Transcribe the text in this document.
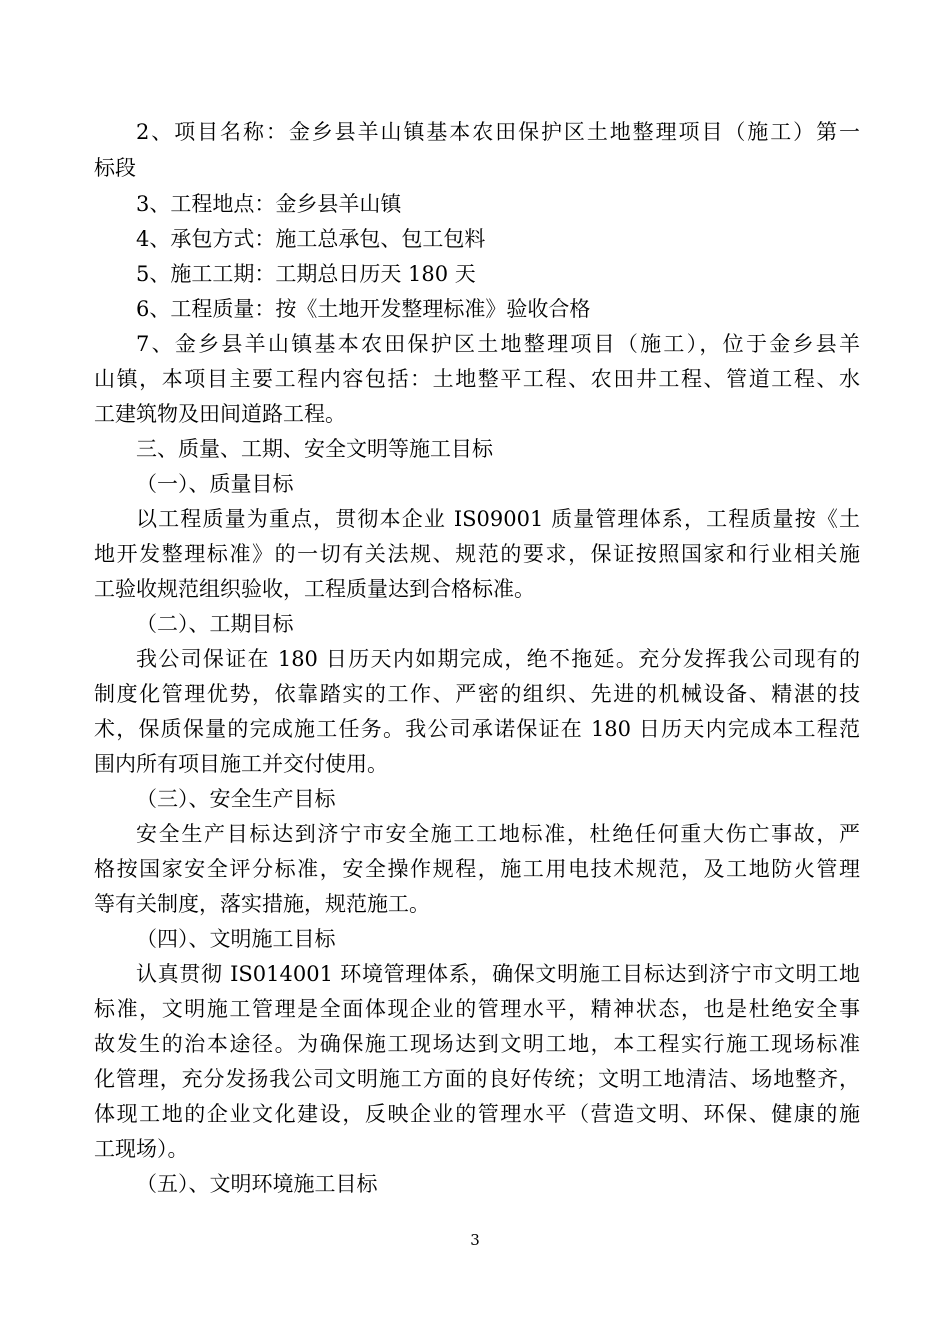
2、项目名称：金乡县羊山镇基本农田保护区土地整理项目（施工）第一
标段
3、工程地点：金乡县羊山镇
4、承包方式：施工总承包、包工包料
5、施工工期：工期总日历天 180 天
6、工程质量：按《土地开发整理标准》验收合格
7、金乡县羊山镇基本农田保护区土地整理项目（施工），位于金乡县羊
山镇，本项目主要工程内容包括：土地整平工程、农田井工程、管道工程、水
工建筑物及田间道路工程。
三、质量、工期、安全文明等施工目标
（一）、质量目标
以工程质量为重点，贯彻本企业 IS09001 质量管理体系，工程质量按《土
地开发整理标准》的一切有关法规、规范的要求，保证按照国家和行业相关施
工验收规范组织验收，工程质量达到合格标准。
（二）、工期目标
我公司保证在 180 日历天内如期完成，绝不拖延。充分发挥我公司现有的
制度化管理优势，依靠踏实的工作、严密的组织、先进的机械设备、精湛的技
术，保质保量的完成施工任务。我公司承诺保证在 180 日历天内完成本工程范
围内所有项目施工并交付使用。
（三）、安全生产目标
安全生产目标达到济宁市安全施工工地标准，杜绝任何重大伤亡事故，严
格按国家安全评分标准，安全操作规程，施工用电技术规范，及工地防火管理
等有关制度，落实措施，规范施工。
（四）、文明施工目标
认真贯彻 IS014001 环境管理体系，确保文明施工目标达到济宁市文明工地
标准，文明施工管理是全面体现企业的管理水平，精神状态，也是杜绝安全事
故发生的治本途径。为确保施工现场达到文明工地，本工程实行施工现场标准
化管理，充分发扬我公司文明施工方面的良好传统；文明工地清洁、场地整齐，
体现工地的企业文化建设，反映企业的管理水平（营造文明、环保、健康的施
工现场）。
（五）、文明环境施工目标
3
